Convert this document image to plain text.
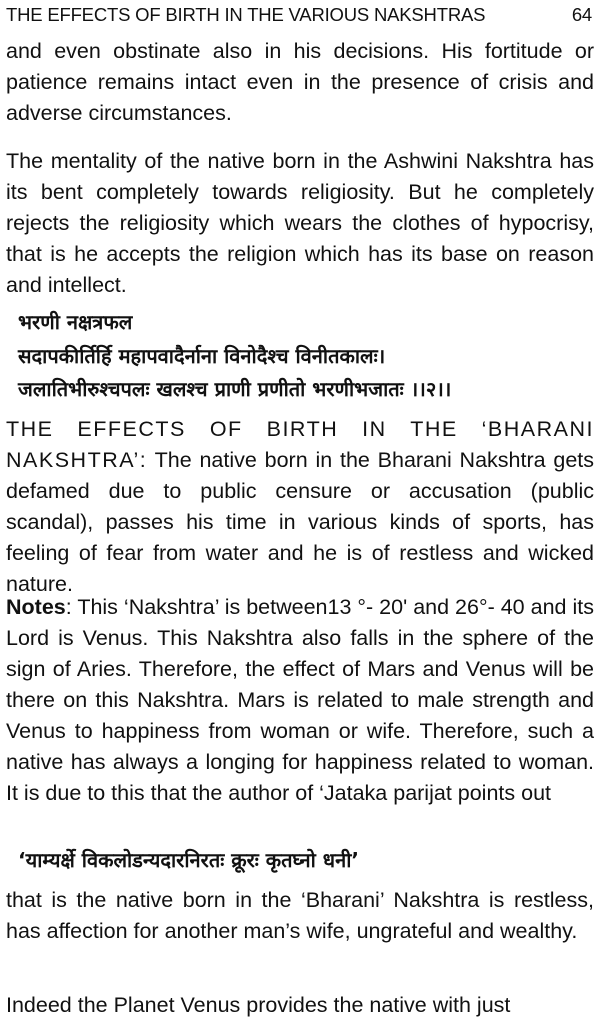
THE EFFECTS OF BIRTH IN THE VARIOUS NAKSHTRAS	64

and even obstinate also in his decisions. His fortitude or patience remains intact even in the presence of crisis and adverse circumstances.

The mentality of the native born in the Ashwini Nakshtra has its bent completely towards religiosity. But he completely rejects the religiosity which wears the clothes of hypocrisy, that is he accepts the religion which has its base on reason and intellect.

भरणी नक्षत्रफल
सदापकीर्तिर्हि महापवादैर्नाना विनोदैश्च विनीतकालः।
जलातिभीरुश्चपलः खलश्च प्राणी प्रणीतो भरणीभजातः ।।२।।

THE EFFECTS OF BIRTH IN THE ‘BHARANI NAKSHTRA’: The native born in the Bharani Nakshtra gets defamed due to public censure or accusation (public scandal), passes his time in various kinds of sports, has feeling of fear from water and he is of restless and wicked nature.

Notes: This ‘Nakshtra’ is between13 °- 20' and 26°- 40 and its Lord is Venus. This Nakshtra also falls in the sphere of the sign of Aries. Therefore, the effect of Mars and Venus will be there on this Nakshtra. Mars is related to male strength and Venus to happiness from woman or wife. Therefore, such a native has always a longing for happiness related to woman. It is due to this that the author of ‘Jataka parijat points out

‘याम्यर्क्षे विकलोडन्यदारनिरतः क्रूरः कृतघ्नो धनी’

that is the native born in the ‘Bharani’ Nakshtra is restless, has affection for another man’s wife, ungrateful and wealthy.

Indeed the Planet Venus provides the native with just
